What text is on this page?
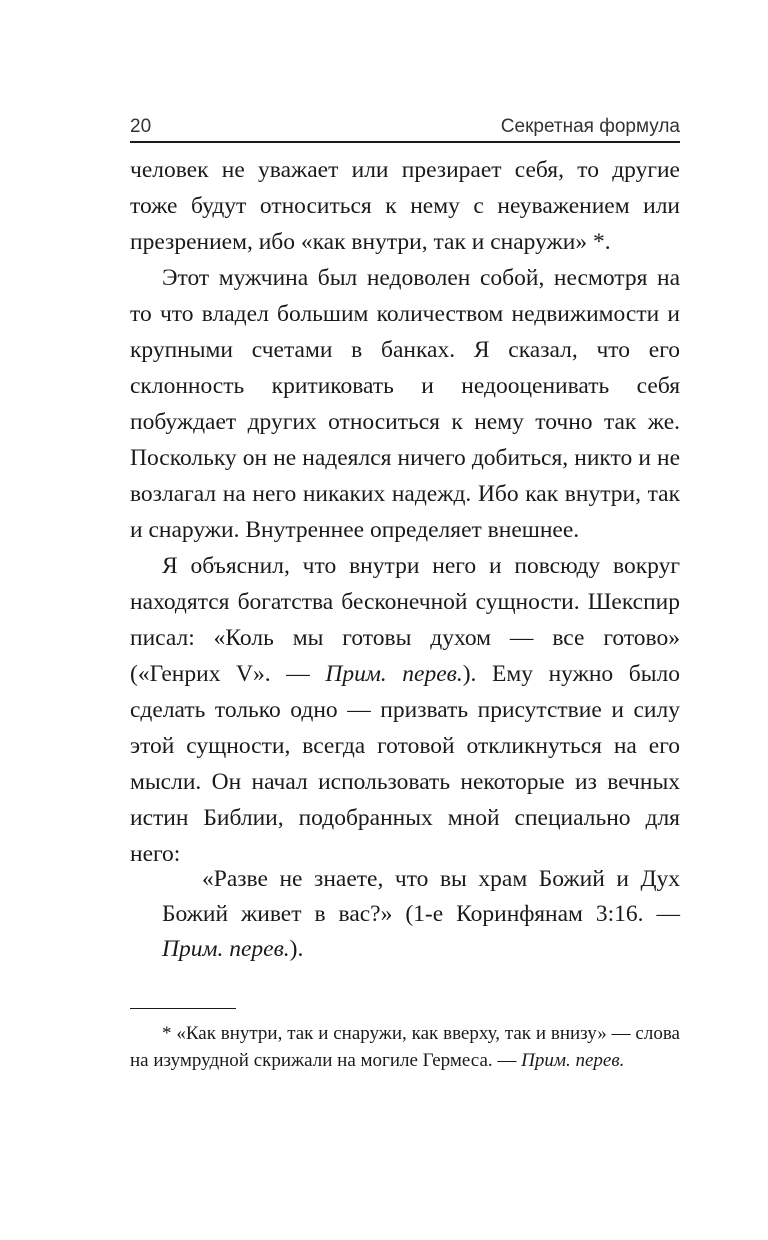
20	Секретная формула

человек не уважает или презирает себя, то другие тоже будут относиться к нему с неуважением или презрением, ибо «как внутри, так и снаружи» *.

Этот мужчина был недоволен собой, несмотря на то что владел большим количеством недвижимости и крупными счетами в банках. Я сказал, что его склонность критиковать и недооценивать себя побуждает других относиться к нему точно так же. Поскольку он не надеялся ничего добиться, никто и не возлагал на него никаких надежд. Ибо как внутри, так и снаружи. Внутреннее определяет внешнее.

Я объяснил, что внутри него и повсюду вокруг находятся богатства бесконечной сущности. Шекспир писал: «Коль мы готовы духом — все готово» («Генрих V». — Прим. перев.). Ему нужно было сделать только одно — призвать присутствие и силу этой сущности, всегда готовой откликнуться на его мысли. Он начал использовать некоторые из вечных истин Библии, подобранных мной специально для него:

«Разве не знаете, что вы храм Божий и Дух Божий живет в вас?» (1-е Коринфянам 3:16. — Прим. перев.).

* «Как внутри, так и снаружи, как вверху, так и внизу» — слова на изумрудной скрижали на могиле Гермеса. — Прим. перев.
